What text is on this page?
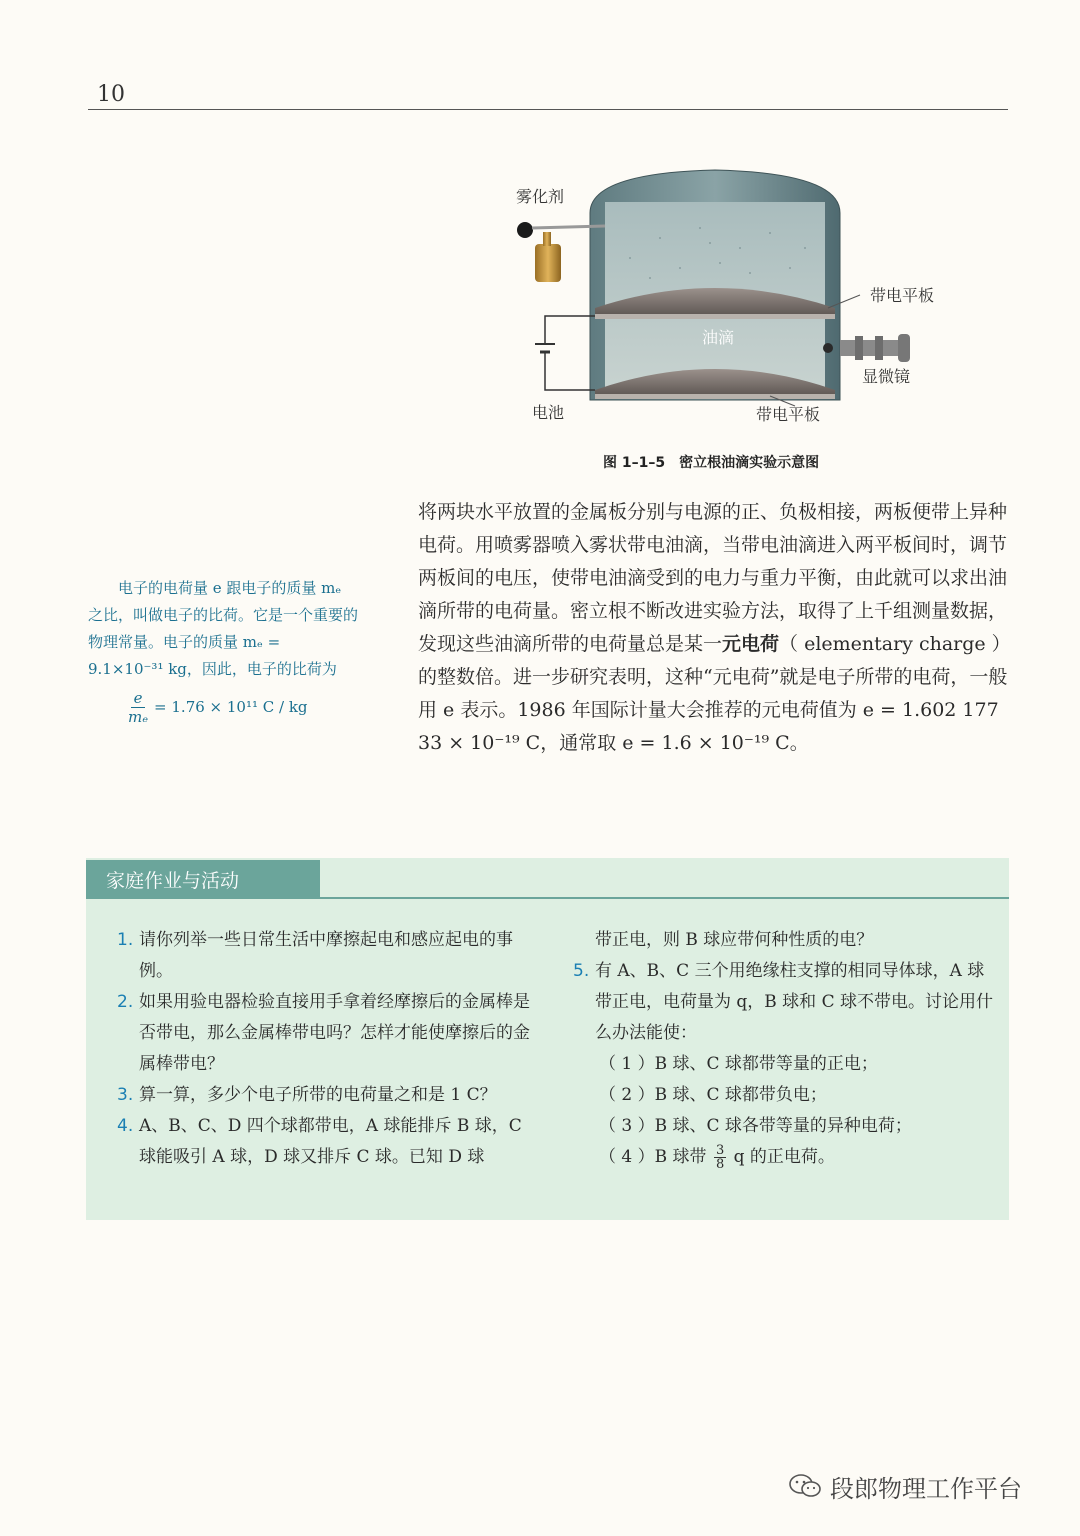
10
雾化剂
带电平板
油滴
显微镜
电池	带电平板
图 1–1–5　密立根油滴实验示意图
电子的电荷量 e 跟电子的质量 mₑ 之比，叫做电子的比荷。它是一个重要的物理常量。电子的质量 mₑ = 9.1×10⁻³¹ kg，因此，电子的比荷为
$\frac{e}{\text{mₑ}} = 1.76 \times 10^{11}$ C / kg

将两块水平放置的金属板分别与电源的正、负极相接，两板便带上异种电荷。用喷雾器喷入雾状带电油滴，当带电油滴进入两平板间时，调节两板间的电压，使带电油滴受到的电力与重力平衡，由此就可以求出油滴所带的电荷量。密立根不断改进实验方法，取得了上千组测量数据，发现这些油滴所带的电荷量总是某一元电荷（ elementary charge ）的整数倍。进一步研究表明，这种“元电荷”就是电子所带的电荷，一般用 e 表示。1986 年国际计量大会推荐的元电荷值为 e = 1.602 177 33 × 10⁻¹⁹ C，通常取 e = 1.6 × 10⁻¹⁹ C。

家庭作业与活动
1. 请你列举一些日常生活中摩擦起电和感应起电的事例。
2. 如果用验电器检验直接用手拿着经摩擦后的金属棒是否带电，那么金属棒带电吗？怎样才能使摩擦后的金属棒带电？
3. 算一算，多少个电子所带的电荷量之和是 1 C？
4. A、B、C、D 四个球都带电，A 球能排斥 B 球，C 球能吸引 A 球，D 球又排斥 C 球。已知 D 球
带正电，则 B 球应带何种性质的电？
5. 有 A、B、C 三个用绝缘柱支撑的相同导体球，A 球带正电，电荷量为 q，B 球和 C 球不带电。讨论用什么办法能使：
（ 1 ）B 球、C 球都带等量的正电；
（ 2 ）B 球、C 球都带负电；
（ 3 ）B 球、C 球各带等量的异种电荷；
（ 4 ）B 球带 $\frac{3}{8}$ q 的正电荷。
段郎物理工作平台
